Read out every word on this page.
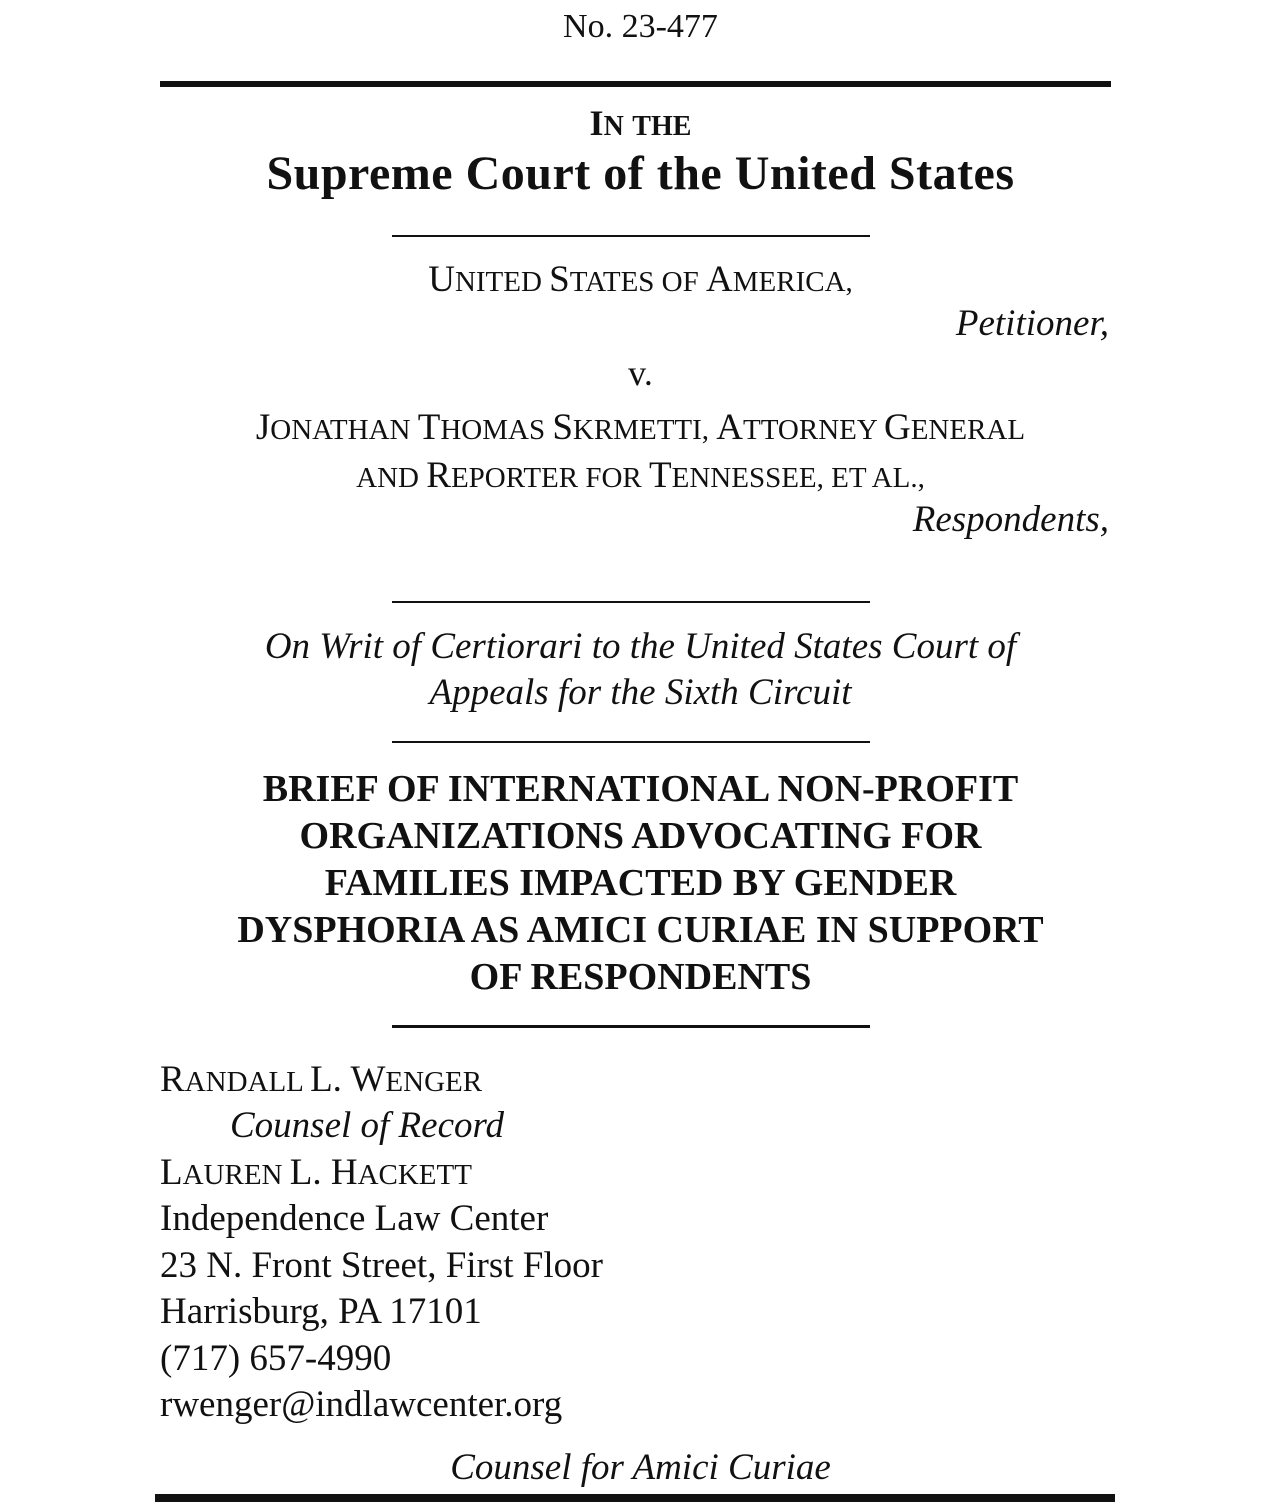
No. 23-477
IN THE
Supreme Court of the United States
UNITED STATES OF AMERICA,
Petitioner,
v.
JONATHAN THOMAS SKRMETTI, ATTORNEY GENERAL
AND REPORTER FOR TENNESSEE, ET AL.,
Respondents,
On Writ of Certiorari to the United States Court of
Appeals for the Sixth Circuit
BRIEF OF INTERNATIONAL NON-PROFIT
ORGANIZATIONS ADVOCATING FOR
FAMILIES IMPACTED BY GENDER
DYSPHORIA AS AMICI CURIAE IN SUPPORT
OF RESPONDENTS
RANDALL L. WENGER
Counsel of Record
LAUREN L. HACKETT
Independence Law Center
23 N. Front Street, First Floor
Harrisburg, PA 17101
(717) 657-4990
rwenger@indlawcenter.org
Counsel for Amici Curiae
